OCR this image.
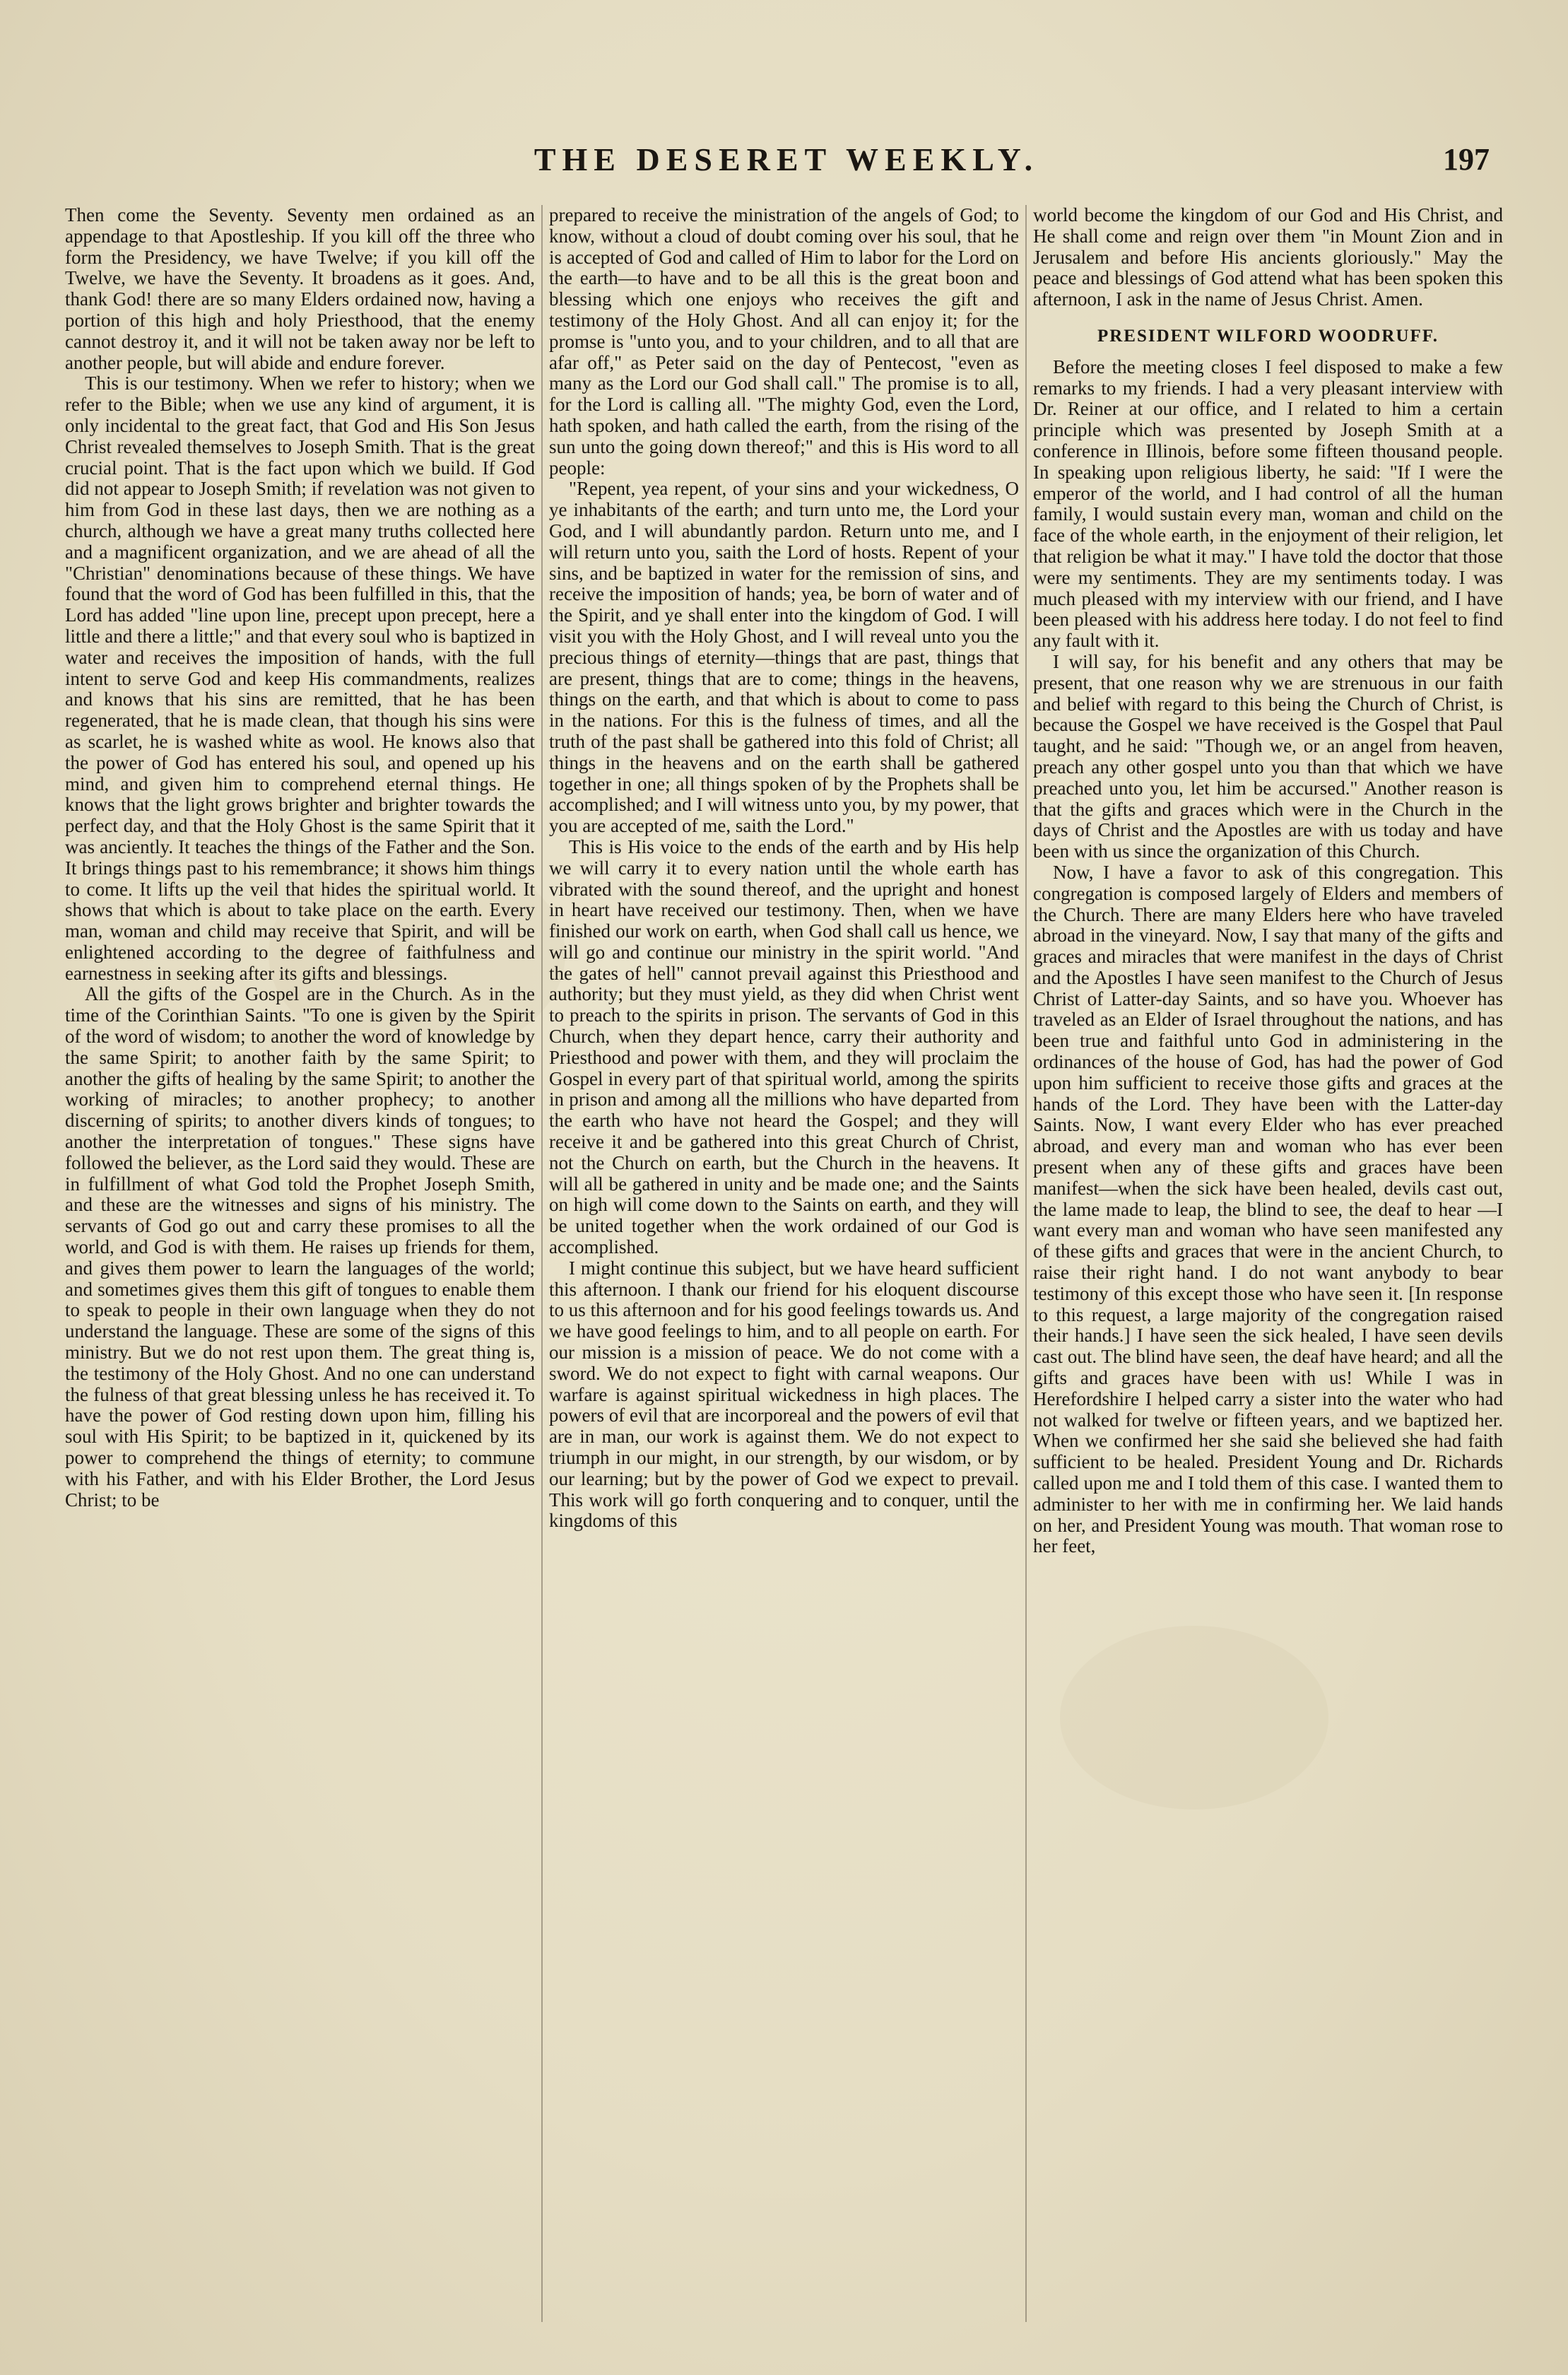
THE DESERET WEEKLY.	197

Then come the Seventy. Seventy men ordained as an appendage to that Apostleship. If you kill off the three who form the Presidency, we have Twelve; if you kill off the Twelve, we have the Seventy. It broadens as it goes. And, thank God! there are so many Elders ordained now, having a portion of this high and holy Priesthood, that the enemy cannot destroy it, and it will not be taken away nor be left to another people, but will abide and endure forever.

This is our testimony. When we refer to history; when we refer to the Bible; when we use any kind of argument, it is only incidental to the great fact, that God and His Son Jesus Christ revealed themselves to Joseph Smith. That is the great crucial point. That is the fact upon which we build. If God did not appear to Joseph Smith; if revelation was not given to him from God in these last days, then we are nothing as a church, although we have a great many truths collected here and a magnificent organization, and we are ahead of all the "Christian" denominations because of these things. We have found that the word of God has been fulfilled in this, that the Lord has added "line upon line, precept upon precept, here a little and there a little;" and that every soul who is baptized in water and receives the imposition of hands, with the full intent to serve God and keep His commandments, realizes and knows that his sins are remitted, that he has been regenerated, that he is made clean, that though his sins were as scarlet, he is washed white as wool. He knows also that the power of God has entered his soul, and opened up his mind, and given him to comprehend eternal things. He knows that the light grows brighter and brighter towards the perfect day, and that the Holy Ghost is the same Spirit that it was anciently. It teaches the things of the Father and the Son. It brings things past to his remembrance; it shows him things to come. It lifts up the veil that hides the spiritual world. It shows that which is about to take place on the earth. Every man, woman and child may receive that Spirit, and will be enlightened according to the degree of faithfulness and earnestness in seeking after its gifts and blessings.

All the gifts of the Gospel are in the Church. As in the time of the Corinthian Saints. "To one is given by the Spirit of the word of wisdom; to another the word of knowledge by the same Spirit; to another faith by the same Spirit; to another the gifts of healing by the same Spirit; to another the working of miracles; to another prophecy; to another discerning of spirits; to another divers kinds of tongues; to another the interpretation of tongues." These signs have followed the believer, as the Lord said they would. These are in fulfillment of what God told the Prophet Joseph Smith, and these are the witnesses and signs of his ministry. The servants of God go out and carry these promises to all the world, and God is with them. He raises up friends for them, and gives them power to learn the languages of the world; and sometimes gives them this gift of tongues to enable them to speak to people in their own language when they do not understand the language. These are some of the signs of this ministry. But we do not rest upon them. The great thing is, the testimony of the Holy Ghost. And no one can understand the fulness of that great blessing unless he has received it. To have the power of God resting down upon him, filling his soul with His Spirit; to be baptized in it, quickened by its power to comprehend the things of eternity; to commune with his Father, and with his Elder Brother, the Lord Jesus Christ; to be

prepared to receive the ministration of the angels of God; to know, without a cloud of doubt coming over his soul, that he is accepted of God and called of Him to labor for the Lord on the earth—to have and to be all this is the great boon and blessing which one enjoys who receives the gift and testimony of the Holy Ghost. And all can enjoy it; for the promse is "unto you, and to your children, and to all that are afar off," as Peter said on the day of Pentecost, "even as many as the Lord our God shall call." The promise is to all, for the Lord is calling all. "The mighty God, even the Lord, hath spoken, and hath called the earth, from the rising of the sun unto the going down thereof;" and this is His word to all people:

"Repent, yea repent, of your sins and your wickedness, O ye inhabitants of the earth; and turn unto me, the Lord your God, and I will abundantly pardon. Return unto me, and I will return unto you, saith the Lord of hosts. Repent of your sins, and be baptized in water for the remission of sins, and receive the imposition of hands; yea, be born of water and of the Spirit, and ye shall enter into the kingdom of God. I will visit you with the Holy Ghost, and I will reveal unto you the precious things of eternity—things that are past, things that are present, things that are to come; things in the heavens, things on the earth, and that which is about to come to pass in the nations. For this is the fulness of times, and all the truth of the past shall be gathered into this fold of Christ; all things in the heavens and on the earth shall be gathered together in one; all things spoken of by the Prophets shall be accomplished; and I will witness unto you, by my power, that you are accepted of me, saith the Lord."

This is His voice to the ends of the earth and by His help we will carry it to every nation until the whole earth has vibrated with the sound thereof, and the upright and honest in heart have received our testimony. Then, when we have finished our work on earth, when God shall call us hence, we will go and continue our ministry in the spirit world. "And the gates of hell" cannot prevail against this Priesthood and authority; but they must yield, as they did when Christ went to preach to the spirits in prison. The servants of God in this Church, when they depart hence, carry their authority and Priesthood and power with them, and they will proclaim the Gospel in every part of that spiritual world, among the spirits in prison and among all the millions who have departed from the earth who have not heard the Gospel; and they will receive it and be gathered into this great Church of Christ, not the Church on earth, but the Church in the heavens. It will all be gathered in unity and be made one; and the Saints on high will come down to the Saints on earth, and they will be united together when the work ordained of our God is accomplished.

I might continue this subject, but we have heard sufficient this afternoon. I thank our friend for his eloquent discourse to us this afternoon and for his good feelings towards us. And we have good feelings to him, and to all people on earth. For our mission is a mission of peace. We do not come with a sword. We do not expect to fight with carnal weapons. Our warfare is against spiritual wickedness in high places. The powers of evil that are incorporeal and the powers of evil that are in man, our work is against them. We do not expect to triumph in our might, in our strength, by our wisdom, or by our learning; but by the power of God we expect to prevail. This work will go forth conquering and to conquer, until the kingdoms of this

world become the kingdom of our God and His Christ, and He shall come and reign over them "in Mount Zion and in Jerusalem and before His ancients gloriously." May the peace and blessings of God attend what has been spoken this afternoon, I ask in the name of Jesus Christ. Amen.

PRESIDENT WILFORD WOODRUFF.

Before the meeting closes I feel disposed to make a few remarks to my friends. I had a very pleasant interview with Dr. Reiner at our office, and I related to him a certain principle which was presented by Joseph Smith at a conference in Illinois, before some fifteen thousand people. In speaking upon religious liberty, he said: "If I were the emperor of the world, and I had control of all the human family, I would sustain every man, woman and child on the face of the whole earth, in the enjoyment of their religion, let that religion be what it may." I have told the doctor that those were my sentiments. They are my sentiments today. I was much pleased with my interview with our friend, and I have been pleased with his address here today. I do not feel to find any fault with it.

I will say, for his benefit and any others that may be present, that one reason why we are strenuous in our faith and belief with regard to this being the Church of Christ, is because the Gospel we have received is the Gospel that Paul taught, and he said: "Though we, or an angel from heaven, preach any other gospel unto you than that which we have preached unto you, let him be accursed." Another reason is that the gifts and graces which were in the Church in the days of Christ and the Apostles are with us today and have been with us since the organization of this Church.

Now, I have a favor to ask of this congregation. This congregation is composed largely of Elders and members of the Church. There are many Elders here who have traveled abroad in the vineyard. Now, I say that many of the gifts and graces and miracles that were manifest in the days of Christ and the Apostles I have seen manifest to the Church of Jesus Christ of Latter-day Saints, and so have you. Whoever has traveled as an Elder of Israel throughout the nations, and has been true and faithful unto God in administering in the ordinances of the house of God, has had the power of God upon him sufficient to receive those gifts and graces at the hands of the Lord. They have been with the Latter-day Saints. Now, I want every Elder who has ever preached abroad, and every man and woman who has ever been present when any of these gifts and graces have been manifest—when the sick have been healed, devils cast out, the lame made to leap, the blind to see, the deaf to hear —I want every man and woman who have seen manifested any of these gifts and graces that were in the ancient Church, to raise their right hand. I do not want anybody to bear testimony of this except those who have seen it. [In response to this request, a large majority of the congregation raised their hands.] I have seen the sick healed, I have seen devils cast out. The blind have seen, the deaf have heard; and all the gifts and graces have been with us! While I was in Herefordshire I helped carry a sister into the water who had not walked for twelve or fifteen years, and we baptized her. When we confirmed her she said she believed she had faith sufficient to be healed. President Young and Dr. Richards called upon me and I told them of this case. I wanted them to administer to her with me in confirming her. We laid hands on her, and President Young was mouth. That woman rose to her feet,
